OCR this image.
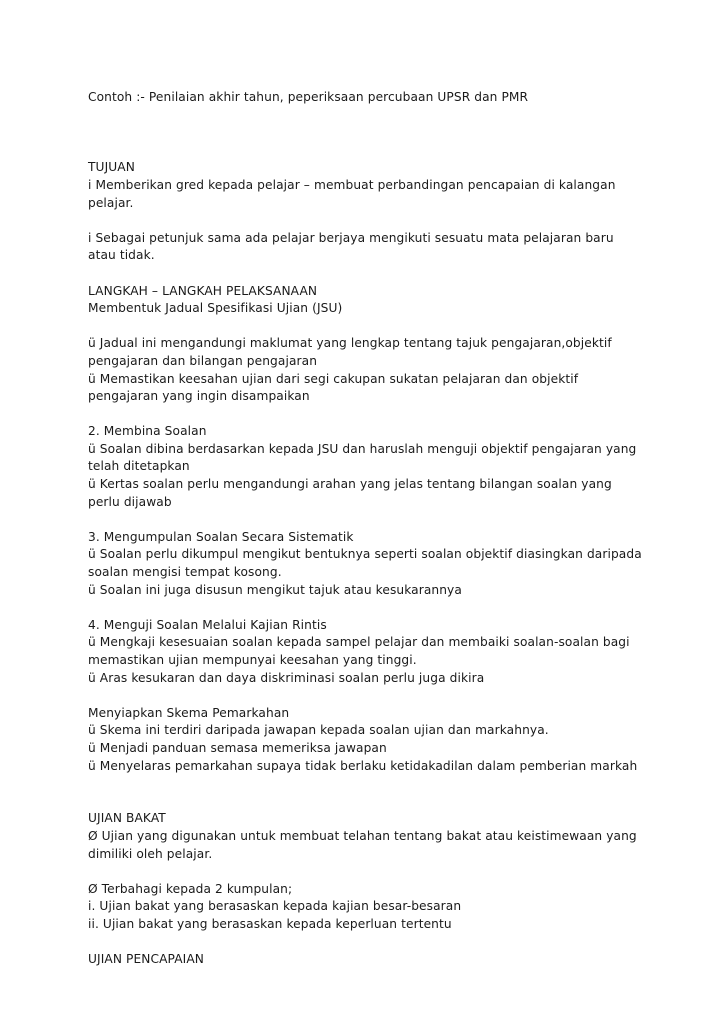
Contoh :- Penilaian akhir tahun, peperiksaan percubaan UPSR dan PMR
TUJUAN
i Memberikan gred kepada pelajar – membuat perbandingan pencapaian di kalangan
pelajar.
i Sebagai petunjuk sama ada pelajar berjaya mengikuti sesuatu mata pelajaran baru
atau tidak.
LANGKAH – LANGKAH PELAKSANAAN
Membentuk Jadual Spesifikasi Ujian (JSU)
ü Jadual ini mengandungi maklumat yang lengkap tentang tajuk pengajaran,objektif
pengajaran dan bilangan pengajaran
ü Memastikan keesahan ujian dari segi cakupan sukatan pelajaran dan objektif
pengajaran yang ingin disampaikan
2. Membina Soalan
ü Soalan dibina berdasarkan kepada JSU dan haruslah menguji objektif pengajaran yang
telah ditetapkan
ü Kertas soalan perlu mengandungi arahan yang jelas tentang bilangan soalan yang
perlu dijawab
3. Mengumpulan Soalan Secara Sistematik
ü Soalan perlu dikumpul mengikut bentuknya seperti soalan objektif diasingkan daripada
soalan mengisi tempat kosong.
ü Soalan ini juga disusun mengikut tajuk atau kesukarannya
4. Menguji Soalan Melalui Kajian Rintis
ü Mengkaji kesesuaian soalan kepada sampel pelajar dan membaiki soalan-soalan bagi
memastikan ujian mempunyai keesahan yang tinggi.
ü Aras kesukaran dan daya diskriminasi soalan perlu juga dikira
Menyiapkan Skema Pemarkahan
ü Skema ini terdiri daripada jawapan kepada soalan ujian dan markahnya.
ü Menjadi panduan semasa memeriksa jawapan
ü Menyelaras pemarkahan supaya tidak berlaku ketidakadilan dalam pemberian markah
UJIAN BAKAT
Ø Ujian yang digunakan untuk membuat telahan tentang bakat atau keistimewaan yang
dimiliki oleh pelajar.
Ø Terbahagi kepada 2 kumpulan;
i. Ujian bakat yang berasaskan kepada kajian besar-besaran
ii. Ujian bakat yang berasaskan kepada keperluan tertentu
UJIAN PENCAPAIAN
